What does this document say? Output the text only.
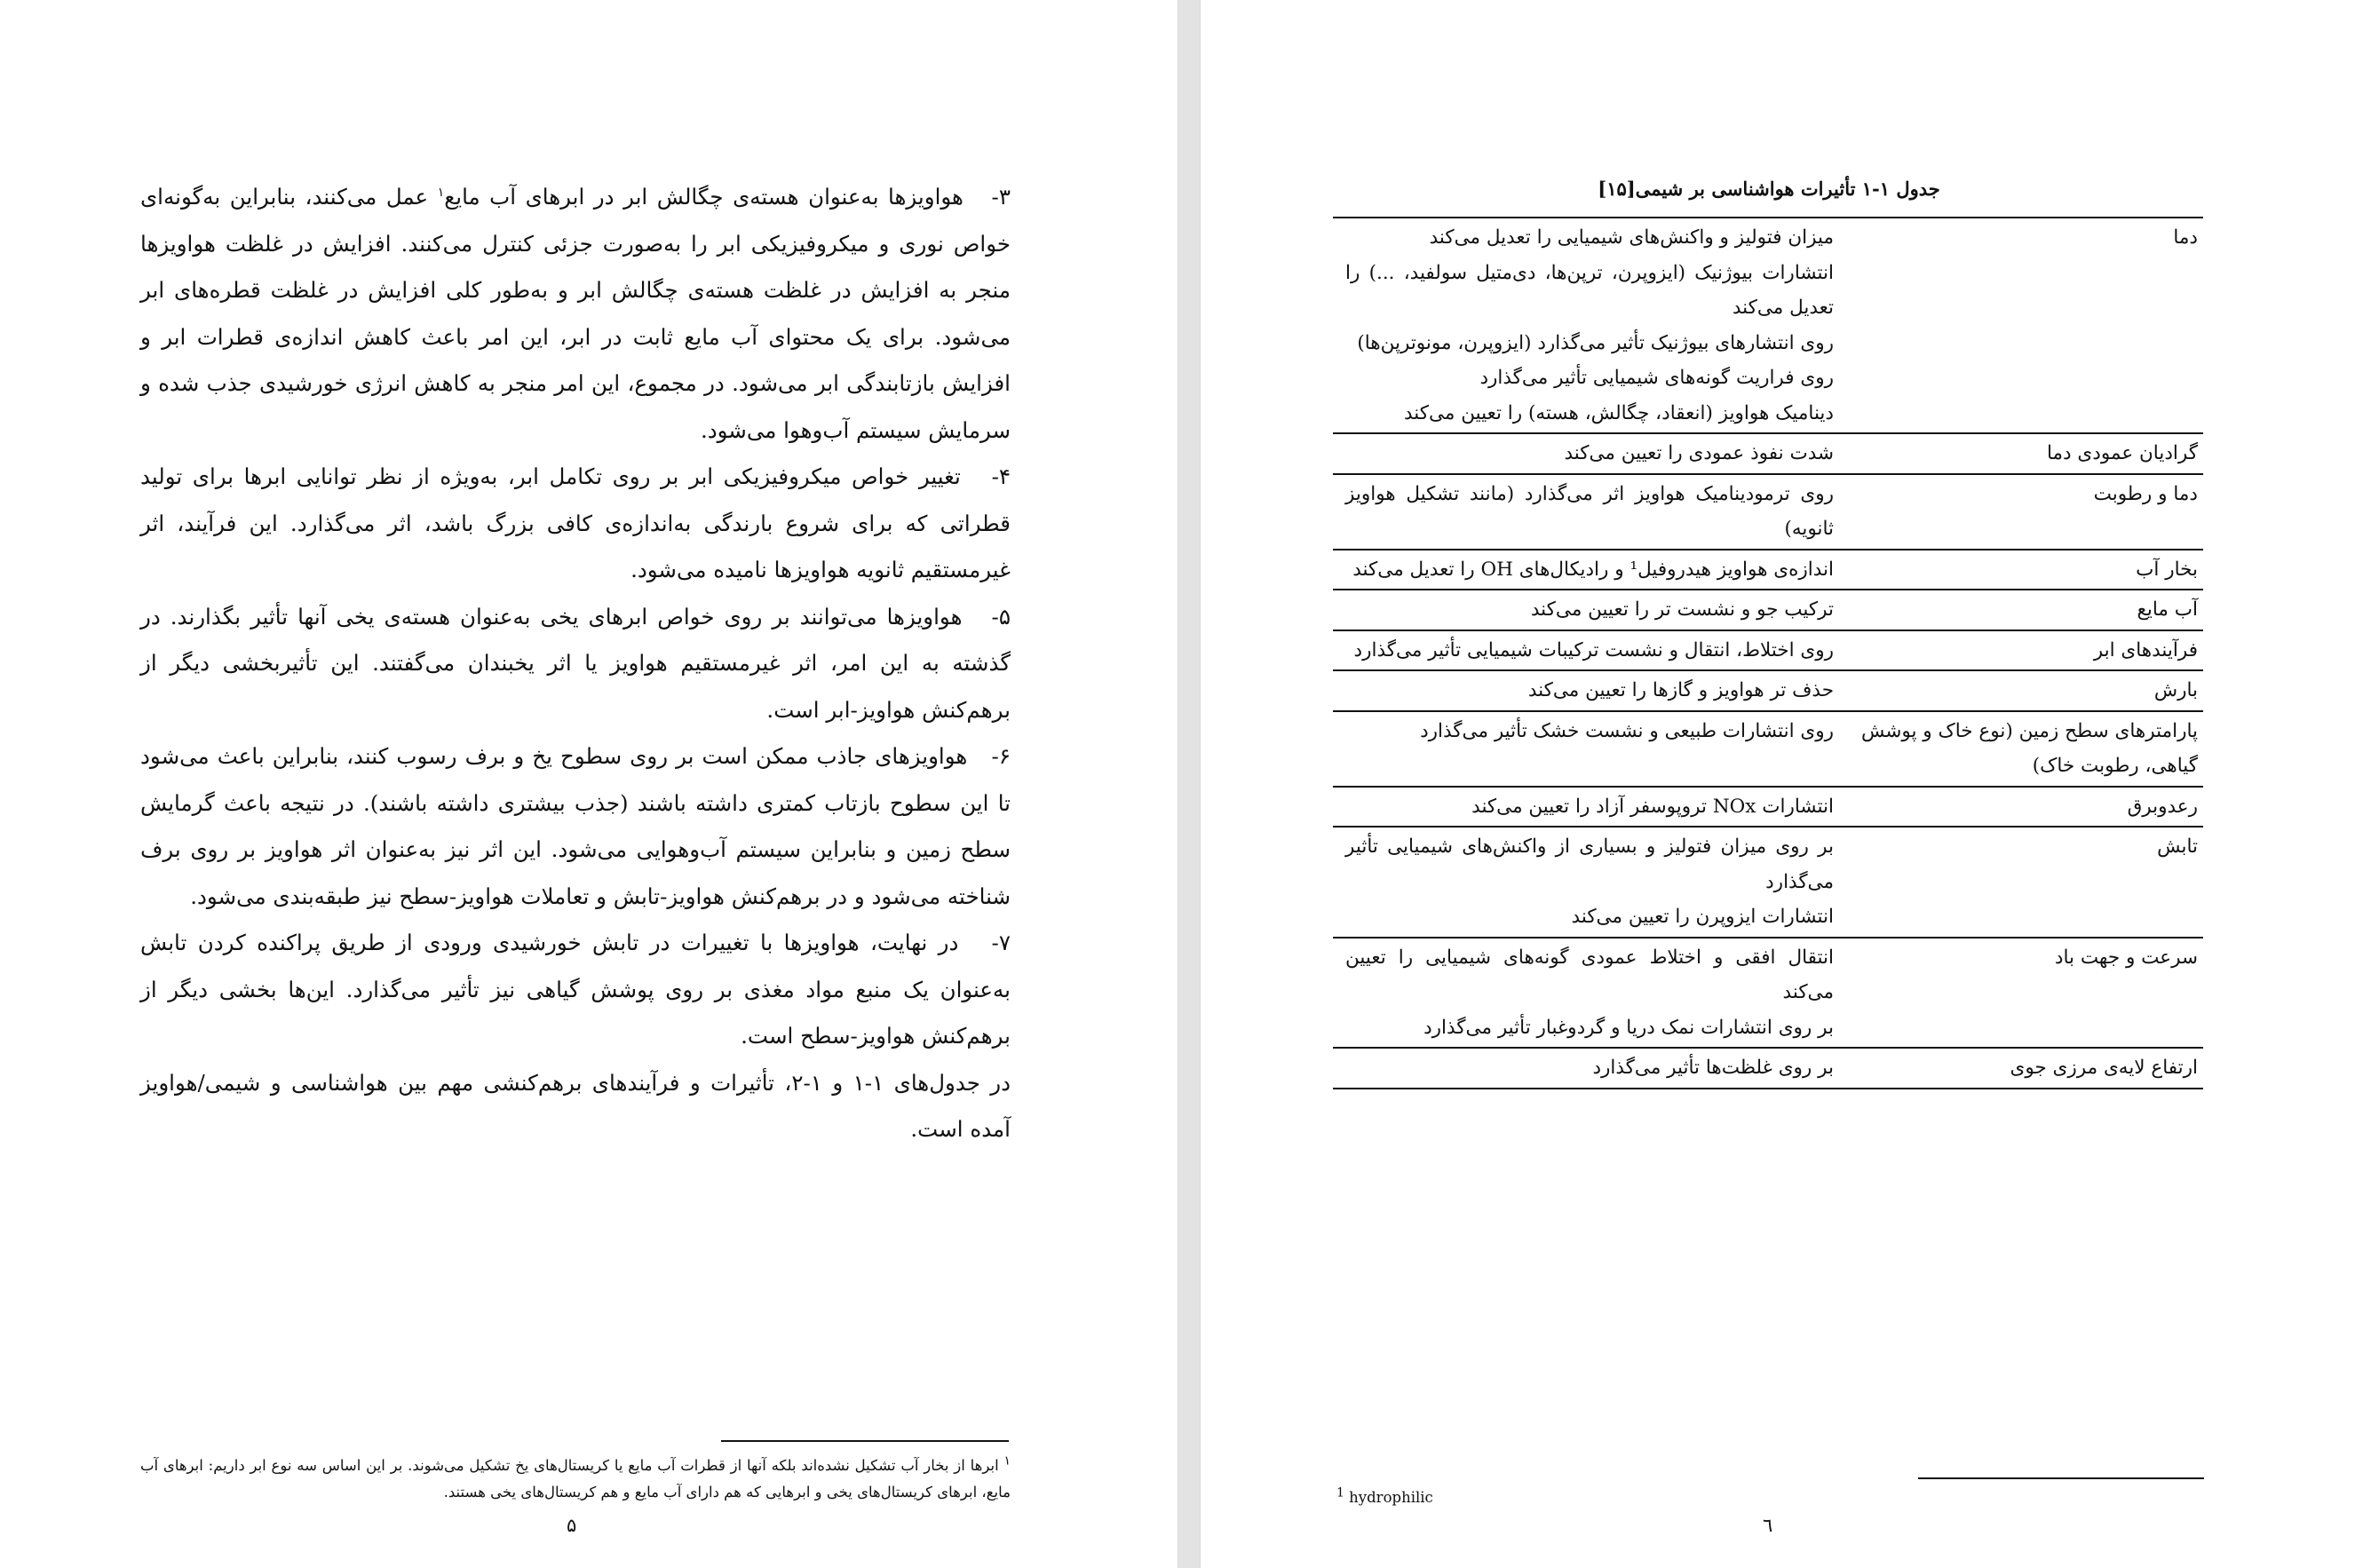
۳-   هواویزها به‌عنوان هسته‌ی چگالش ابر در ابرهای آب مایع$^۱$ عمل می‌کنند، بنابراین به‌گونه‌ای خواص نوری و میکروفیزیکی ابر را به‌صورت جزئی کنترل می‌کنند. افزایش در غلظت هواویزها منجر به افزایش در غلظت هسته‌ی چگالش ابر و به‌طور کلی افزایش در غلظت قطره‌های ابر می‌شود. برای یک محتوای آب مایع ثابت در ابر، این امر باعث کاهش اندازه‌ی قطرات ابر و افزایش بازتابندگی ابر می‌شود. در مجموع، این امر منجر به کاهش انرژی خورشیدی جذب شده و سرمایش سیستم آب‌وهوا می‌شود.

۴-   تغییر خواص میکروفیزیکی ابر بر روی تکامل ابر، به‌ویژه از نظر توانایی ابرها برای تولید قطراتی که برای شروع بارندگی به‌اندازه‌ی کافی بزرگ باشد، اثر می‌گذارد. این فرآیند، اثر غیرمستقیم ثانویه هواویزها نامیده می‌شود.

۵-   هواویزها می‌توانند بر روی خواص ابرهای یخی به‌عنوان هسته‌ی یخی آنها تأثیر بگذارند. در گذشته به این امر، اثر غیرمستقیم هواویز یا اثر یخبندان می‌گفتند. این تأثیربخشی دیگر از برهم‌کنش هواویز-ابر است.

۶-   هواویزهای جاذب ممکن است بر روی سطوح یخ و برف رسوب کنند، بنابراین باعث می‌شود تا این سطوح بازتاب کمتری داشته باشند (جذب بیشتری داشته باشند). در نتیجه باعث گرمایش سطح زمین و بنابراین سیستم آب‌وهوایی می‌شود. این اثر نیز به‌عنوان اثر هواویز بر روی برف شناخته می‌شود و در برهم‌کنش هواویز-تابش و تعاملات هواویز-سطح نیز طبقه‌بندی می‌شود.

۷-   در نهایت، هواویزها با تغییرات در تابش خورشیدی ورودی از طریق پراکنده کردن تابش به‌عنوان یک منبع مواد مغذی بر روی پوشش گیاهی نیز تأثیر می‌گذارد. این‌ها بخشی دیگر از برهم‌کنش هواویز-سطح است.

در جدول‌های ۱-۱ و ۱-۲، تأثیرات و فرآیندهای برهم‌کنشی مهم بین هواشناسی و شیمی/هواویز آمده است.

$^۱$ ابرها از بخار آب تشکیل نشده‌اند بلکه آنها از قطرات آب مایع یا کریستال‌های یخ تشکیل می‌شوند. بر این اساس سه نوع ابر داریم: ابرهای آب مایع، ابرهای کریستال‌های یخی و ابرهایی که هم دارای آب مایع و هم کریستال‌های یخی هستند.
۵
جدول ۱-۱ تأثیرات هواشناسی بر شیمی[۱۵]
دما	میزان فتولیز و واکنش‌های شیمیایی را تعدیل می‌کند
انتشارات بیوژنیک (ایزوپرن، ترپن‌ها، دی‌متیل سولفید، ...) را تعدیل می‌کند
روی انتشارهای بیوژنیک تأثیر می‌گذارد (ایزوپرن، مونوترپن‌ها)
روی فراریت گونه‌های شیمیایی تأثیر می‌گذارد
دینامیک هواویز (انعقاد، چگالش، هسته) را تعیین می‌کند

گرادیان عمودی دما	شدت نفوذ عمودی را تعیین می‌کند

دما و رطوبت	روی ترمودینامیک هواویز اثر می‌گذارد (مانند تشکیل هواویز ثانویه)

بخار آب	اندازه‌ی هواویز هیدروفیل¹ و رادیکال‌های OH را تعدیل می‌کند

آب مایع	ترکیب جو و نشست تر را تعیین می‌کند

فرآیندهای ابر	روی اختلاط، انتقال و نشست ترکیبات شیمیایی تأثیر می‌گذارد

بارش	حذف تر هواویز و گازها را تعیین می‌کند

پارامترهای سطح زمین (نوع خاک و پوشش گیاهی، رطوبت خاک)	روی انتشارات طبیعی و نشست خشک تأثیر می‌گذارد

رعدوبرق	انتشارات NOx تروپوسفر آزاد را تعیین می‌کند

تابش	بر روی میزان فتولیز و بسیاری از واکنش‌های شیمیایی تأثیر می‌گذارد
انتشارات ایزوپرن را تعیین می‌کند

سرعت و جهت باد	انتقال افقی و اختلاط عمودی گونه‌های شیمیایی را تعیین می‌کند
بر روی انتشارات نمک دریا و گردوغبار تأثیر می‌گذارد

ارتفاع لایه‌ی مرزی جوی	بر روی غلظت‌ها تأثیر می‌گذارد
$^1$ hydrophilic
٦
